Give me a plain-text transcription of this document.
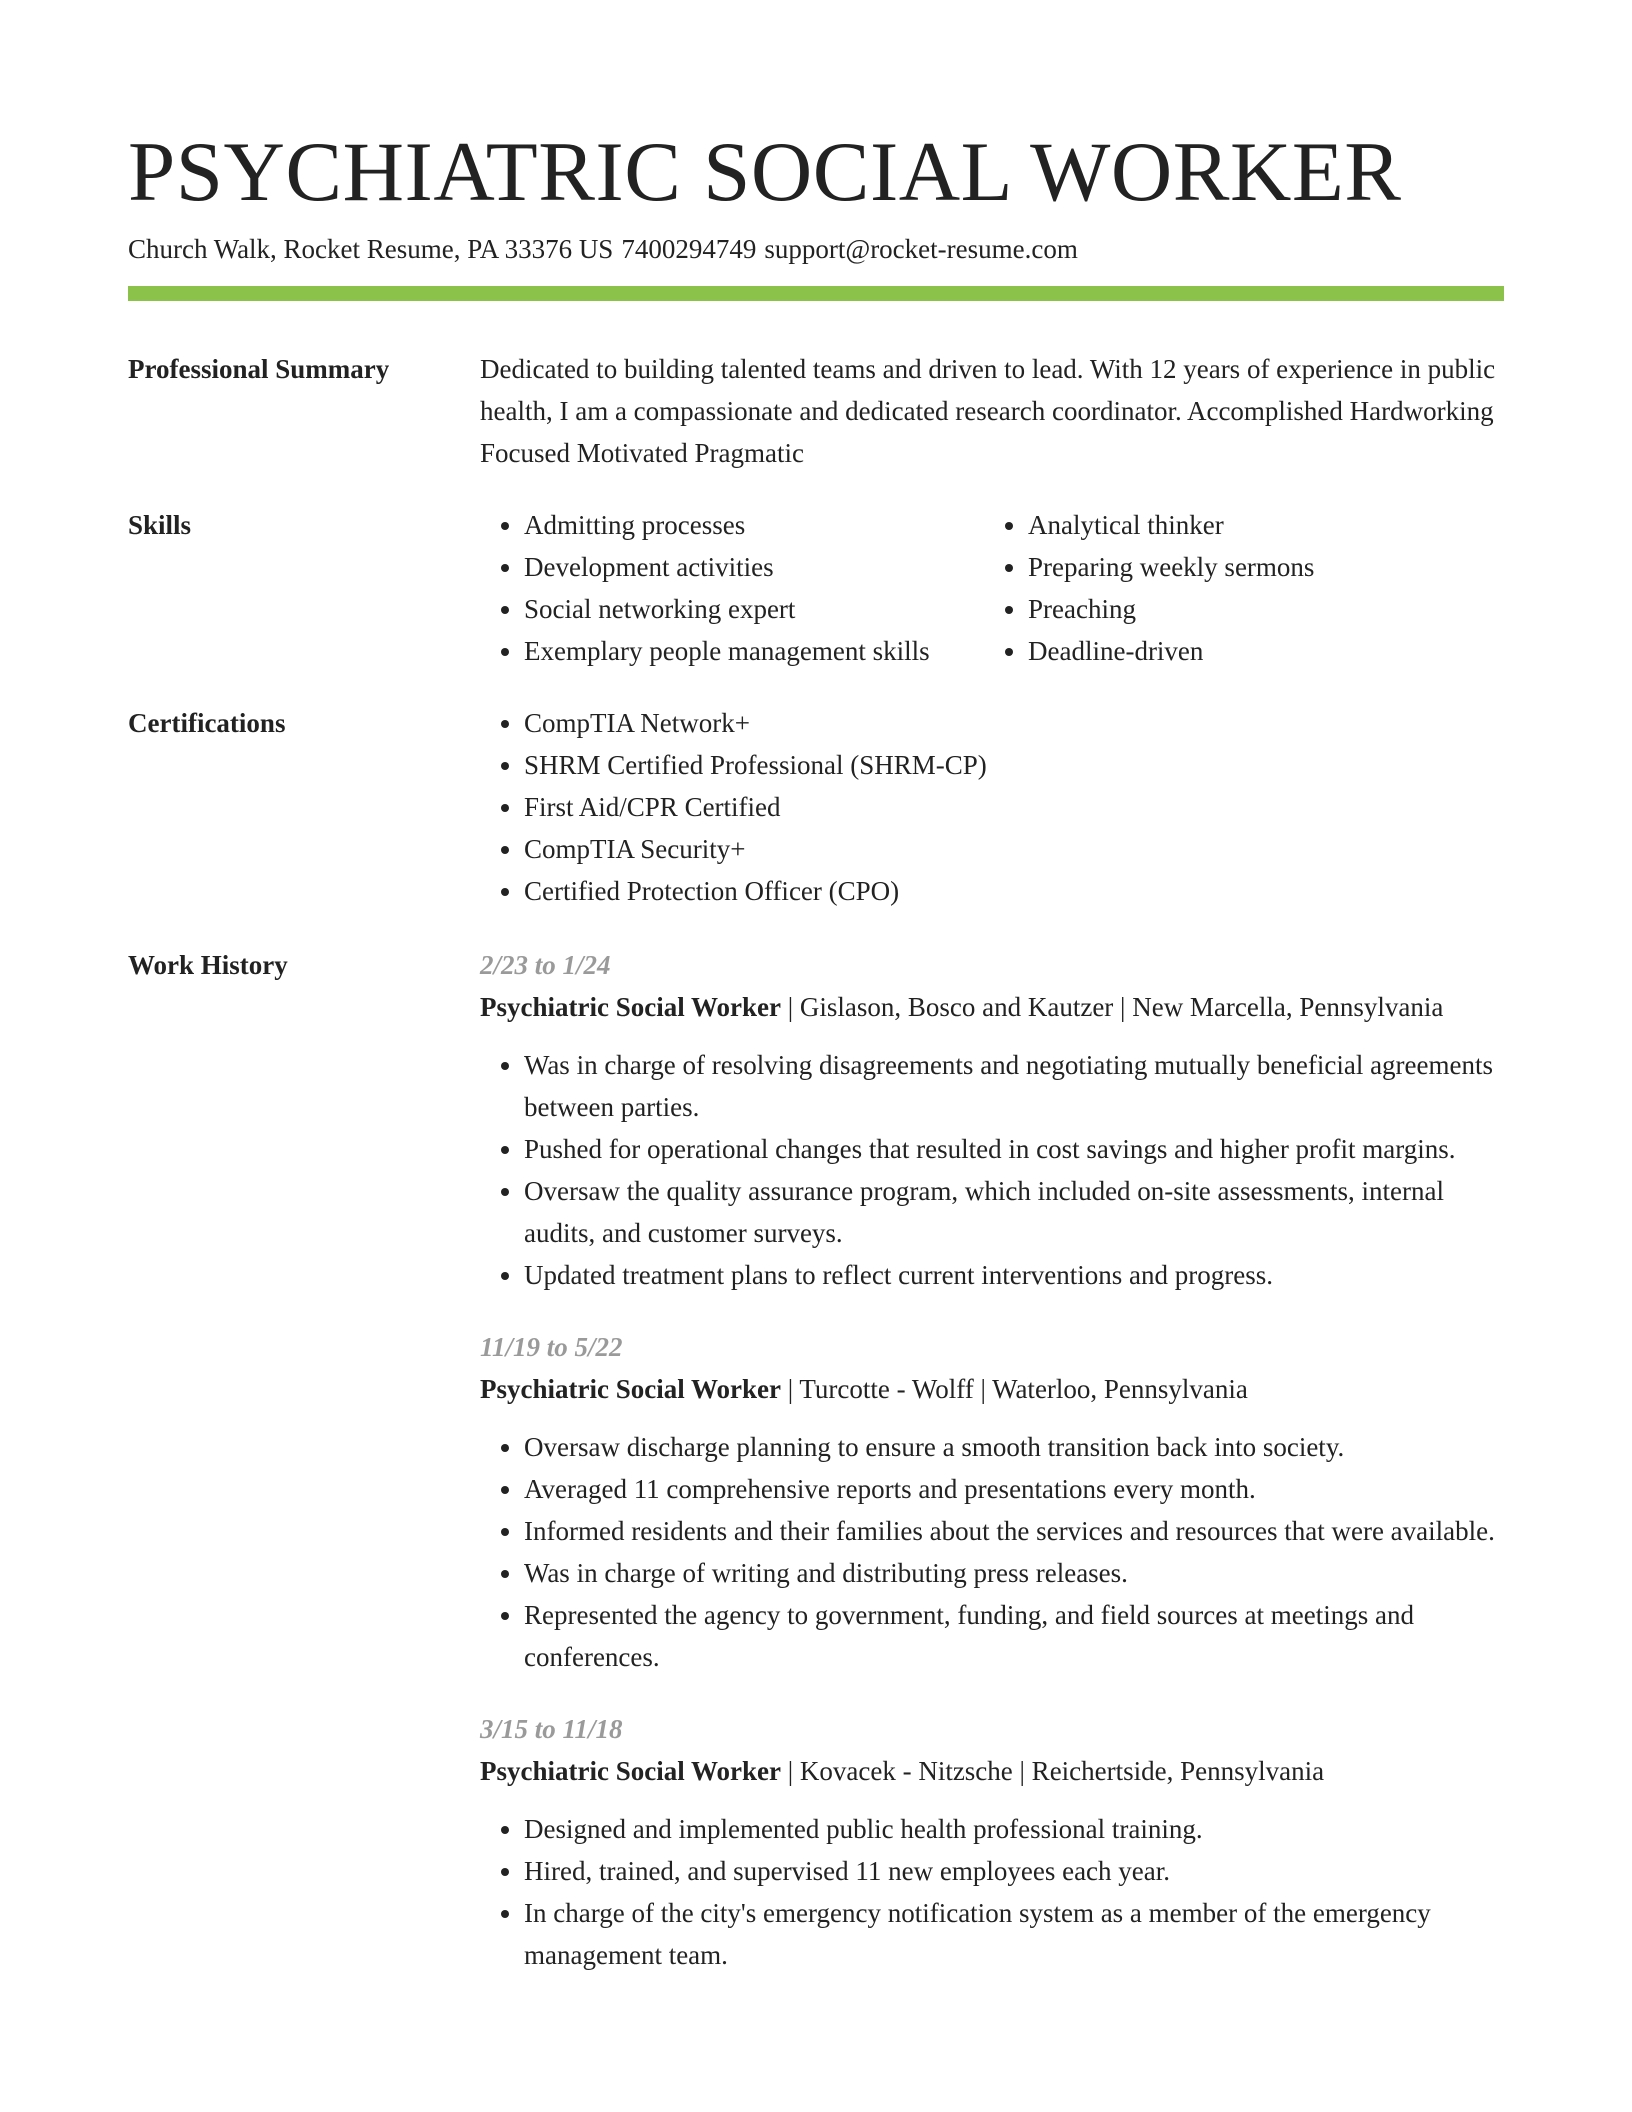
PSYCHIATRIC SOCIAL WORKER
Church Walk, Rocket Resume, PA 33376 US 7400294749 support@rocket-resume.com
Professional Summary	Dedicated to building talented teams and driven to lead. With 12 years of experience in public health, I am a compassionate and dedicated research coordinator. Accomplished Hardworking Focused Motivated Pragmatic

Skills	• Admitting processes
• Development activities
• Social networking expert
• Exemplary people management skills
• Analytical thinker
• Preparing weekly sermons
• Preaching
• Deadline-driven
Certifications	• CompTIA Network+
• SHRM Certified Professional (SHRM-CP)
• First Aid/CPR Certified
• CompTIA Security+
• Certified Protection Officer (CPO)
Work History	2/23 to 1/24
Psychiatric Social Worker | Gislason, Bosco and Kautzer | New Marcella, Pennsylvania
• Was in charge of resolving disagreements and negotiating mutually beneficial agreements between parties.
• Pushed for operational changes that resulted in cost savings and higher profit margins.
• Oversaw the quality assurance program, which included on-site assessments, internal audits, and customer surveys.
• Updated treatment plans to reflect current interventions and progress.
11/19 to 5/22
Psychiatric Social Worker | Turcotte - Wolff | Waterloo, Pennsylvania
• Oversaw discharge planning to ensure a smooth transition back into society.
• Averaged 11 comprehensive reports and presentations every month.
• Informed residents and their families about the services and resources that were available.
• Was in charge of writing and distributing press releases.
• Represented the agency to government, funding, and field sources at meetings and conferences.
3/15 to 11/18
Psychiatric Social Worker | Kovacek - Nitzsche | Reichertside, Pennsylvania
• Designed and implemented public health professional training.
• Hired, trained, and supervised 11 new employees each year.
• In charge of the city's emergency notification system as a member of the emergency management team.
